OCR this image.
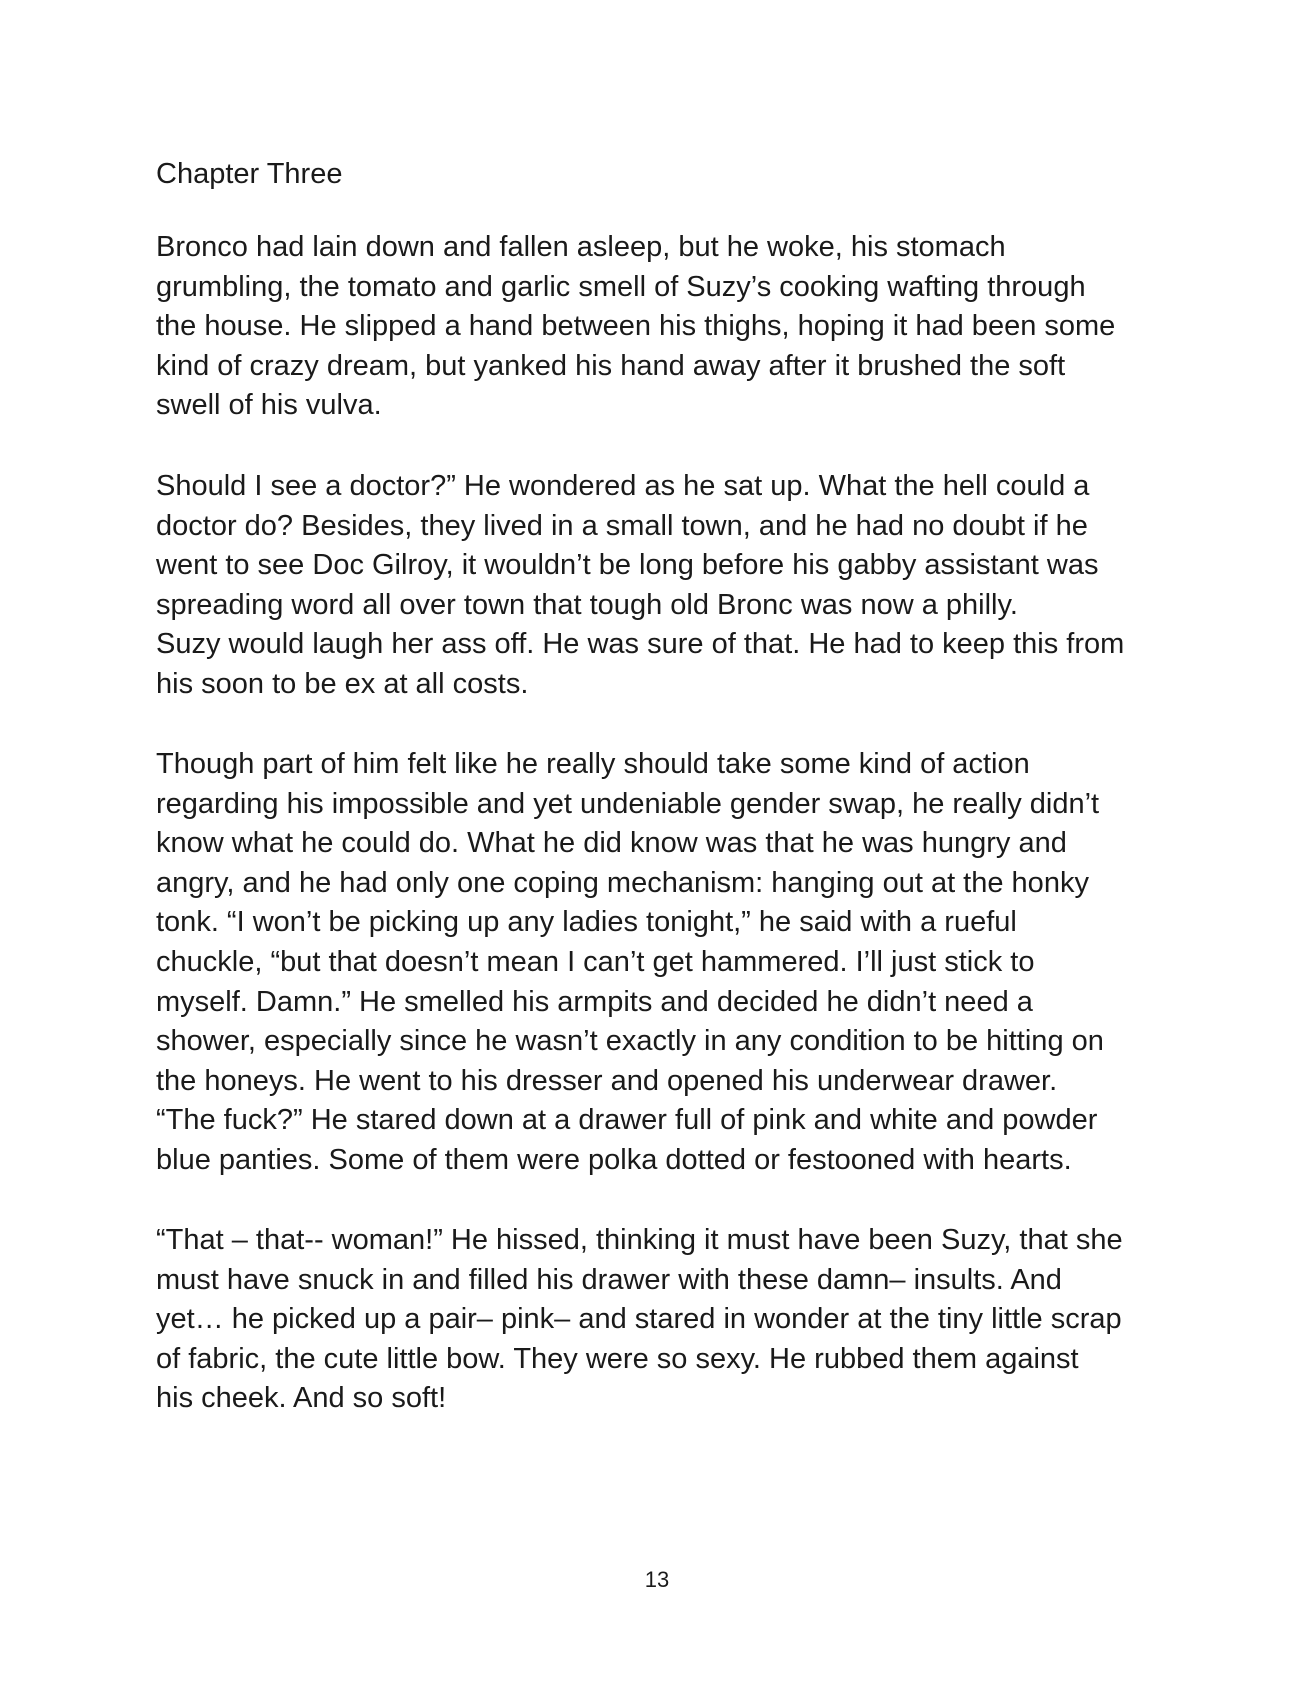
Chapter Three
Bronco had lain down and fallen asleep, but he woke, his stomach
grumbling, the tomato and garlic smell of Suzy’s cooking wafting through
the house. He slipped a hand between his thighs, hoping it had been some
kind of crazy dream, but yanked his hand away after it brushed the soft
swell of his vulva.
Should I see a doctor?” He wondered as he sat up. What the hell could a
doctor do? Besides, they lived in a small town, and he had no doubt if he
went to see Doc Gilroy, it wouldn’t be long before his gabby assistant was
spreading word all over town that tough old Bronc was now a philly.
Suzy would laugh her ass off. He was sure of that. He had to keep this from
his soon to be ex at all costs.
Though part of him felt like he really should take some kind of action
regarding his impossible and yet undeniable gender swap, he really didn’t
know what he could do. What he did know was that he was hungry and
angry, and he had only one coping mechanism: hanging out at the honky
tonk. “I won’t be picking up any ladies tonight,” he said with a rueful
chuckle, “but that doesn’t mean I can’t get hammered. I’ll just stick to
myself. Damn.” He smelled his armpits and decided he didn’t need a
shower, especially since he wasn’t exactly in any condition to be hitting on
the honeys. He went to his dresser and opened his underwear drawer.
“The fuck?” He stared down at a drawer full of pink and white and powder
blue panties. Some of them were polka dotted or festooned with hearts.
“That – that-- woman!” He hissed, thinking it must have been Suzy, that she
must have snuck in and filled his drawer with these damn– insults. And
yet… he picked up a pair– pink– and stared in wonder at the tiny little scrap
of fabric, the cute little bow. They were so sexy. He rubbed them against
his cheek. And so soft!
13
